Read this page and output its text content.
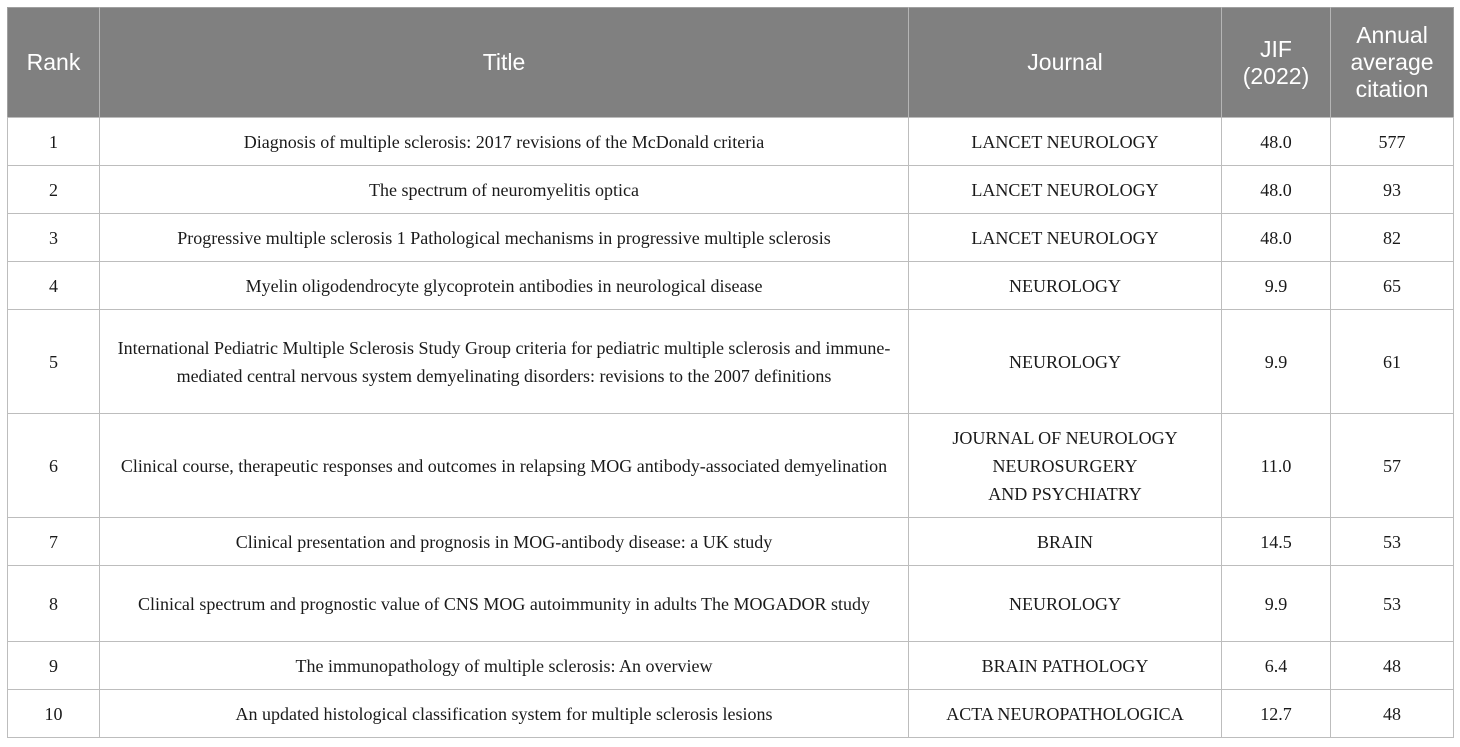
Rank	Title	Journal	JIF (2022)	Annual average citation
1	Diagnosis of multiple sclerosis: 2017 revisions of the McDonald criteria	LANCET NEUROLOGY	48.0	577
2	The spectrum of neuromyelitis optica	LANCET NEUROLOGY	48.0	93
3	Progressive multiple sclerosis 1 Pathological mechanisms in progressive multiple sclerosis	LANCET NEUROLOGY	48.0	82
4	Myelin oligodendrocyte glycoprotein antibodies in neurological disease	NEUROLOGY	9.9	65
5	International Pediatric Multiple Sclerosis Study Group criteria for pediatric multiple sclerosis and immune-mediated central nervous system demyelinating disorders: revisions to the 2007 definitions	NEUROLOGY	9.9	61
6	Clinical course, therapeutic responses and outcomes in relapsing MOG antibody-associated demyelination	JOURNAL OF NEUROLOGY
NEUROSURGERY
AND PSYCHIATRY	11.0	57
7	Clinical presentation and prognosis in MOG-antibody disease: a UK study	BRAIN	14.5	53
8	Clinical spectrum and prognostic value of CNS MOG autoimmunity in adults The MOGADOR study	NEUROLOGY	9.9	53
9	The immunopathology of multiple sclerosis: An overview	BRAIN PATHOLOGY	6.4	48
10	An updated histological classification system for multiple sclerosis lesions	ACTA NEUROPATHOLOGICA	12.7	48
